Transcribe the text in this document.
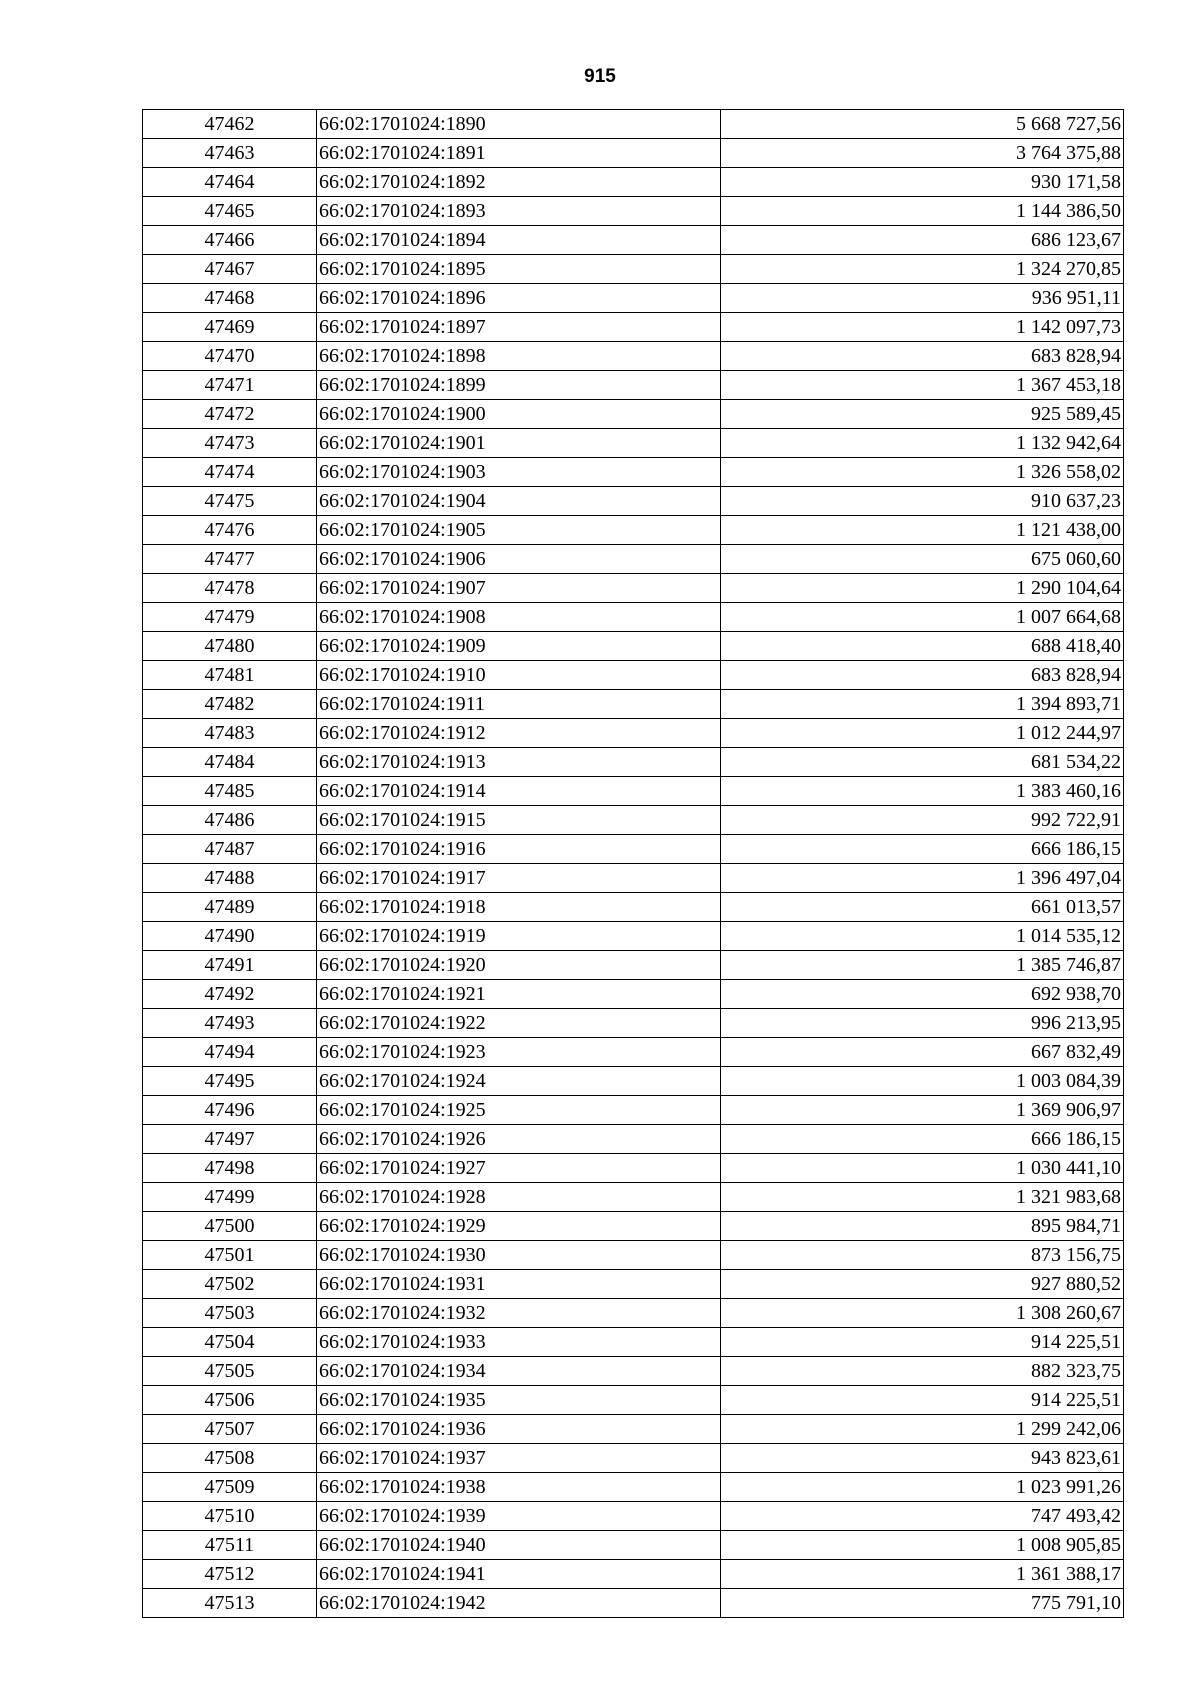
915
47462	66:02:1701024:1890	5 668 727,56
47463	66:02:1701024:1891	3 764 375,88
47464	66:02:1701024:1892	930 171,58
47465	66:02:1701024:1893	1 144 386,50
47466	66:02:1701024:1894	686 123,67
47467	66:02:1701024:1895	1 324 270,85
47468	66:02:1701024:1896	936 951,11
47469	66:02:1701024:1897	1 142 097,73
47470	66:02:1701024:1898	683 828,94
47471	66:02:1701024:1899	1 367 453,18
47472	66:02:1701024:1900	925 589,45
47473	66:02:1701024:1901	1 132 942,64
47474	66:02:1701024:1903	1 326 558,02
47475	66:02:1701024:1904	910 637,23
47476	66:02:1701024:1905	1 121 438,00
47477	66:02:1701024:1906	675 060,60
47478	66:02:1701024:1907	1 290 104,64
47479	66:02:1701024:1908	1 007 664,68
47480	66:02:1701024:1909	688 418,40
47481	66:02:1701024:1910	683 828,94
47482	66:02:1701024:1911	1 394 893,71
47483	66:02:1701024:1912	1 012 244,97
47484	66:02:1701024:1913	681 534,22
47485	66:02:1701024:1914	1 383 460,16
47486	66:02:1701024:1915	992 722,91
47487	66:02:1701024:1916	666 186,15
47488	66:02:1701024:1917	1 396 497,04
47489	66:02:1701024:1918	661 013,57
47490	66:02:1701024:1919	1 014 535,12
47491	66:02:1701024:1920	1 385 746,87
47492	66:02:1701024:1921	692 938,70
47493	66:02:1701024:1922	996 213,95
47494	66:02:1701024:1923	667 832,49
47495	66:02:1701024:1924	1 003 084,39
47496	66:02:1701024:1925	1 369 906,97
47497	66:02:1701024:1926	666 186,15
47498	66:02:1701024:1927	1 030 441,10
47499	66:02:1701024:1928	1 321 983,68
47500	66:02:1701024:1929	895 984,71
47501	66:02:1701024:1930	873 156,75
47502	66:02:1701024:1931	927 880,52
47503	66:02:1701024:1932	1 308 260,67
47504	66:02:1701024:1933	914 225,51
47505	66:02:1701024:1934	882 323,75
47506	66:02:1701024:1935	914 225,51
47507	66:02:1701024:1936	1 299 242,06
47508	66:02:1701024:1937	943 823,61
47509	66:02:1701024:1938	1 023 991,26
47510	66:02:1701024:1939	747 493,42
47511	66:02:1701024:1940	1 008 905,85
47512	66:02:1701024:1941	1 361 388,17
47513	66:02:1701024:1942	775 791,10
